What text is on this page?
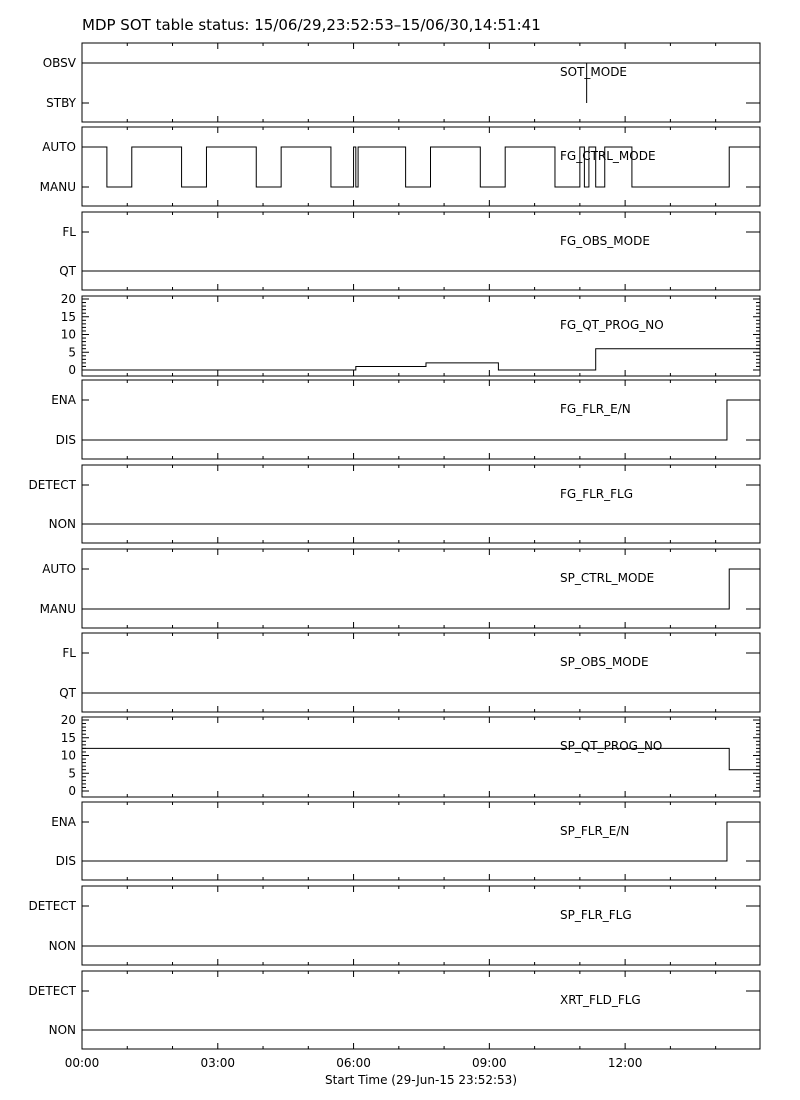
MDP SOT table status: 15/06/29,23:52:53–15/06/30,14:51:41
SOT_MODE
STBY
OBSV
FG_CTRL_MODE
MANU
AUTO
FG_OBS_MODE
QT
FL
FG_QT_PROG_NO
0
5
10
15
20
FG_FLR_E/N
DIS
ENA
FG_FLR_FLG
NON
DETECT
SP_CTRL_MODE
MANU
AUTO
SP_OBS_MODE
QT
FL
SP_QT_PROG_NO
0
5
10
15
20
SP_FLR_E/N
DIS
ENA
SP_FLR_FLG
NON
DETECT
XRT_FLD_FLG
NON
DETECT
00:00	03:00	06:00	09:00	12:00
Start Time (29-Jun-15 23:52:53)
